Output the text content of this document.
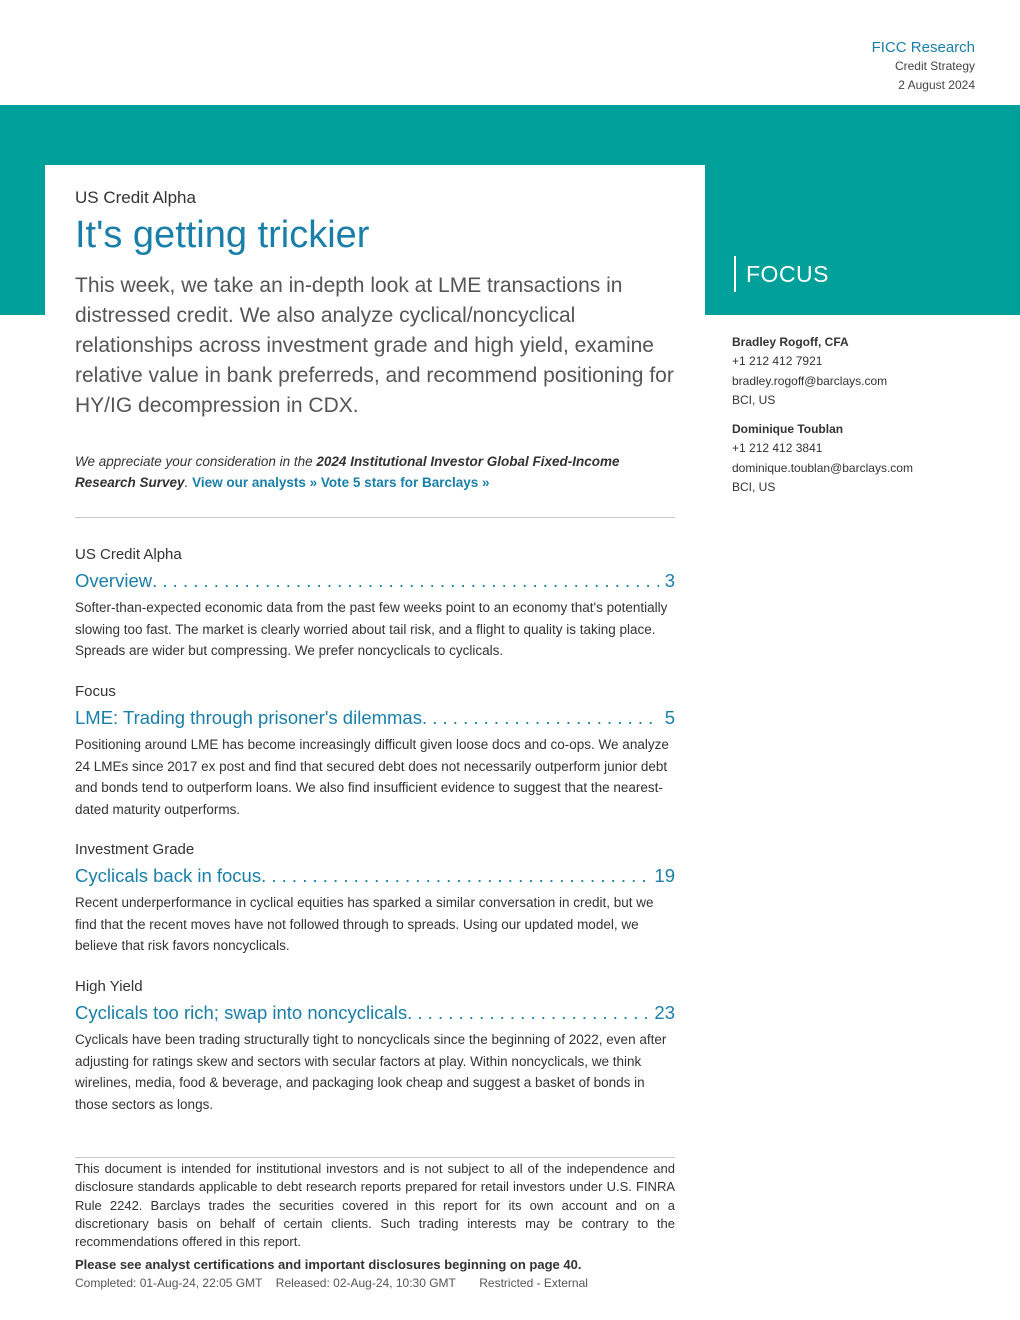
FICC Research
Credit Strategy
2 August 2024
US Credit Alpha
It's getting trickier

This week, we take an in-depth look at LME transactions in distressed credit. We also analyze cyclical/noncyclical relationships across investment grade and high yield, examine relative value in bank preferreds, and recommend positioning for HY/IG decompression in CDX.

We appreciate your consideration in the 2024 Institutional Investor Global Fixed-Income Research Survey. View our analysts » Vote 5 stars for Barclays »
US Credit Alpha
Overview . . .	3
Softer-than-expected economic data from the past few weeks point to an economy that's potentially slowing too fast. The market is clearly worried about tail risk, and a flight to quality is taking place. Spreads are wider but compressing. We prefer noncyclicals to cyclicals.
Focus
LME: Trading through prisoner's dilemmas . . .	5
Positioning around LME has become increasingly difficult given loose docs and co-ops. We analyze 24 LMEs since 2017 ex post and find that secured debt does not necessarily outperform junior debt and bonds tend to outperform loans. We also find insufficient evidence to suggest that the nearest-dated maturity outperforms.
Investment Grade
Cyclicals back in focus . . .	19
Recent underperformance in cyclical equities has sparked a similar conversation in credit, but we find that the recent moves have not followed through to spreads. Using our updated model, we believe that risk favors noncyclicals.
High Yield
Cyclicals too rich; swap into noncyclicals . . .	23
Cyclicals have been trading structurally tight to noncyclicals since the beginning of 2022, even after adjusting for ratings skew and sectors with secular factors at play. Within noncyclicals, we think wirelines, media, food & beverage, and packaging look cheap and suggest a basket of bonds in those sectors as longs.
FOCUS
Bradley Rogoff, CFA
+1 212 412 7921
bradley.rogoff@barclays.com
BCI, US
Dominique Toublan
+1 212 412 3841
dominique.toublan@barclays.com
BCI, US
This document is intended for institutional investors and is not subject to all of the independence and disclosure standards applicable to debt research reports prepared for retail investors under U.S. FINRA Rule 2242. Barclays trades the securities covered in this report for its own account and on a discretionary basis on behalf of certain clients. Such trading interests may be contrary to the recommendations offered in this report.
Please see analyst certifications and important disclosures beginning on page 40.
Completed: 01-Aug-24, 22:05 GMT Released: 02-Aug-24, 10:30 GMT Restricted - External
